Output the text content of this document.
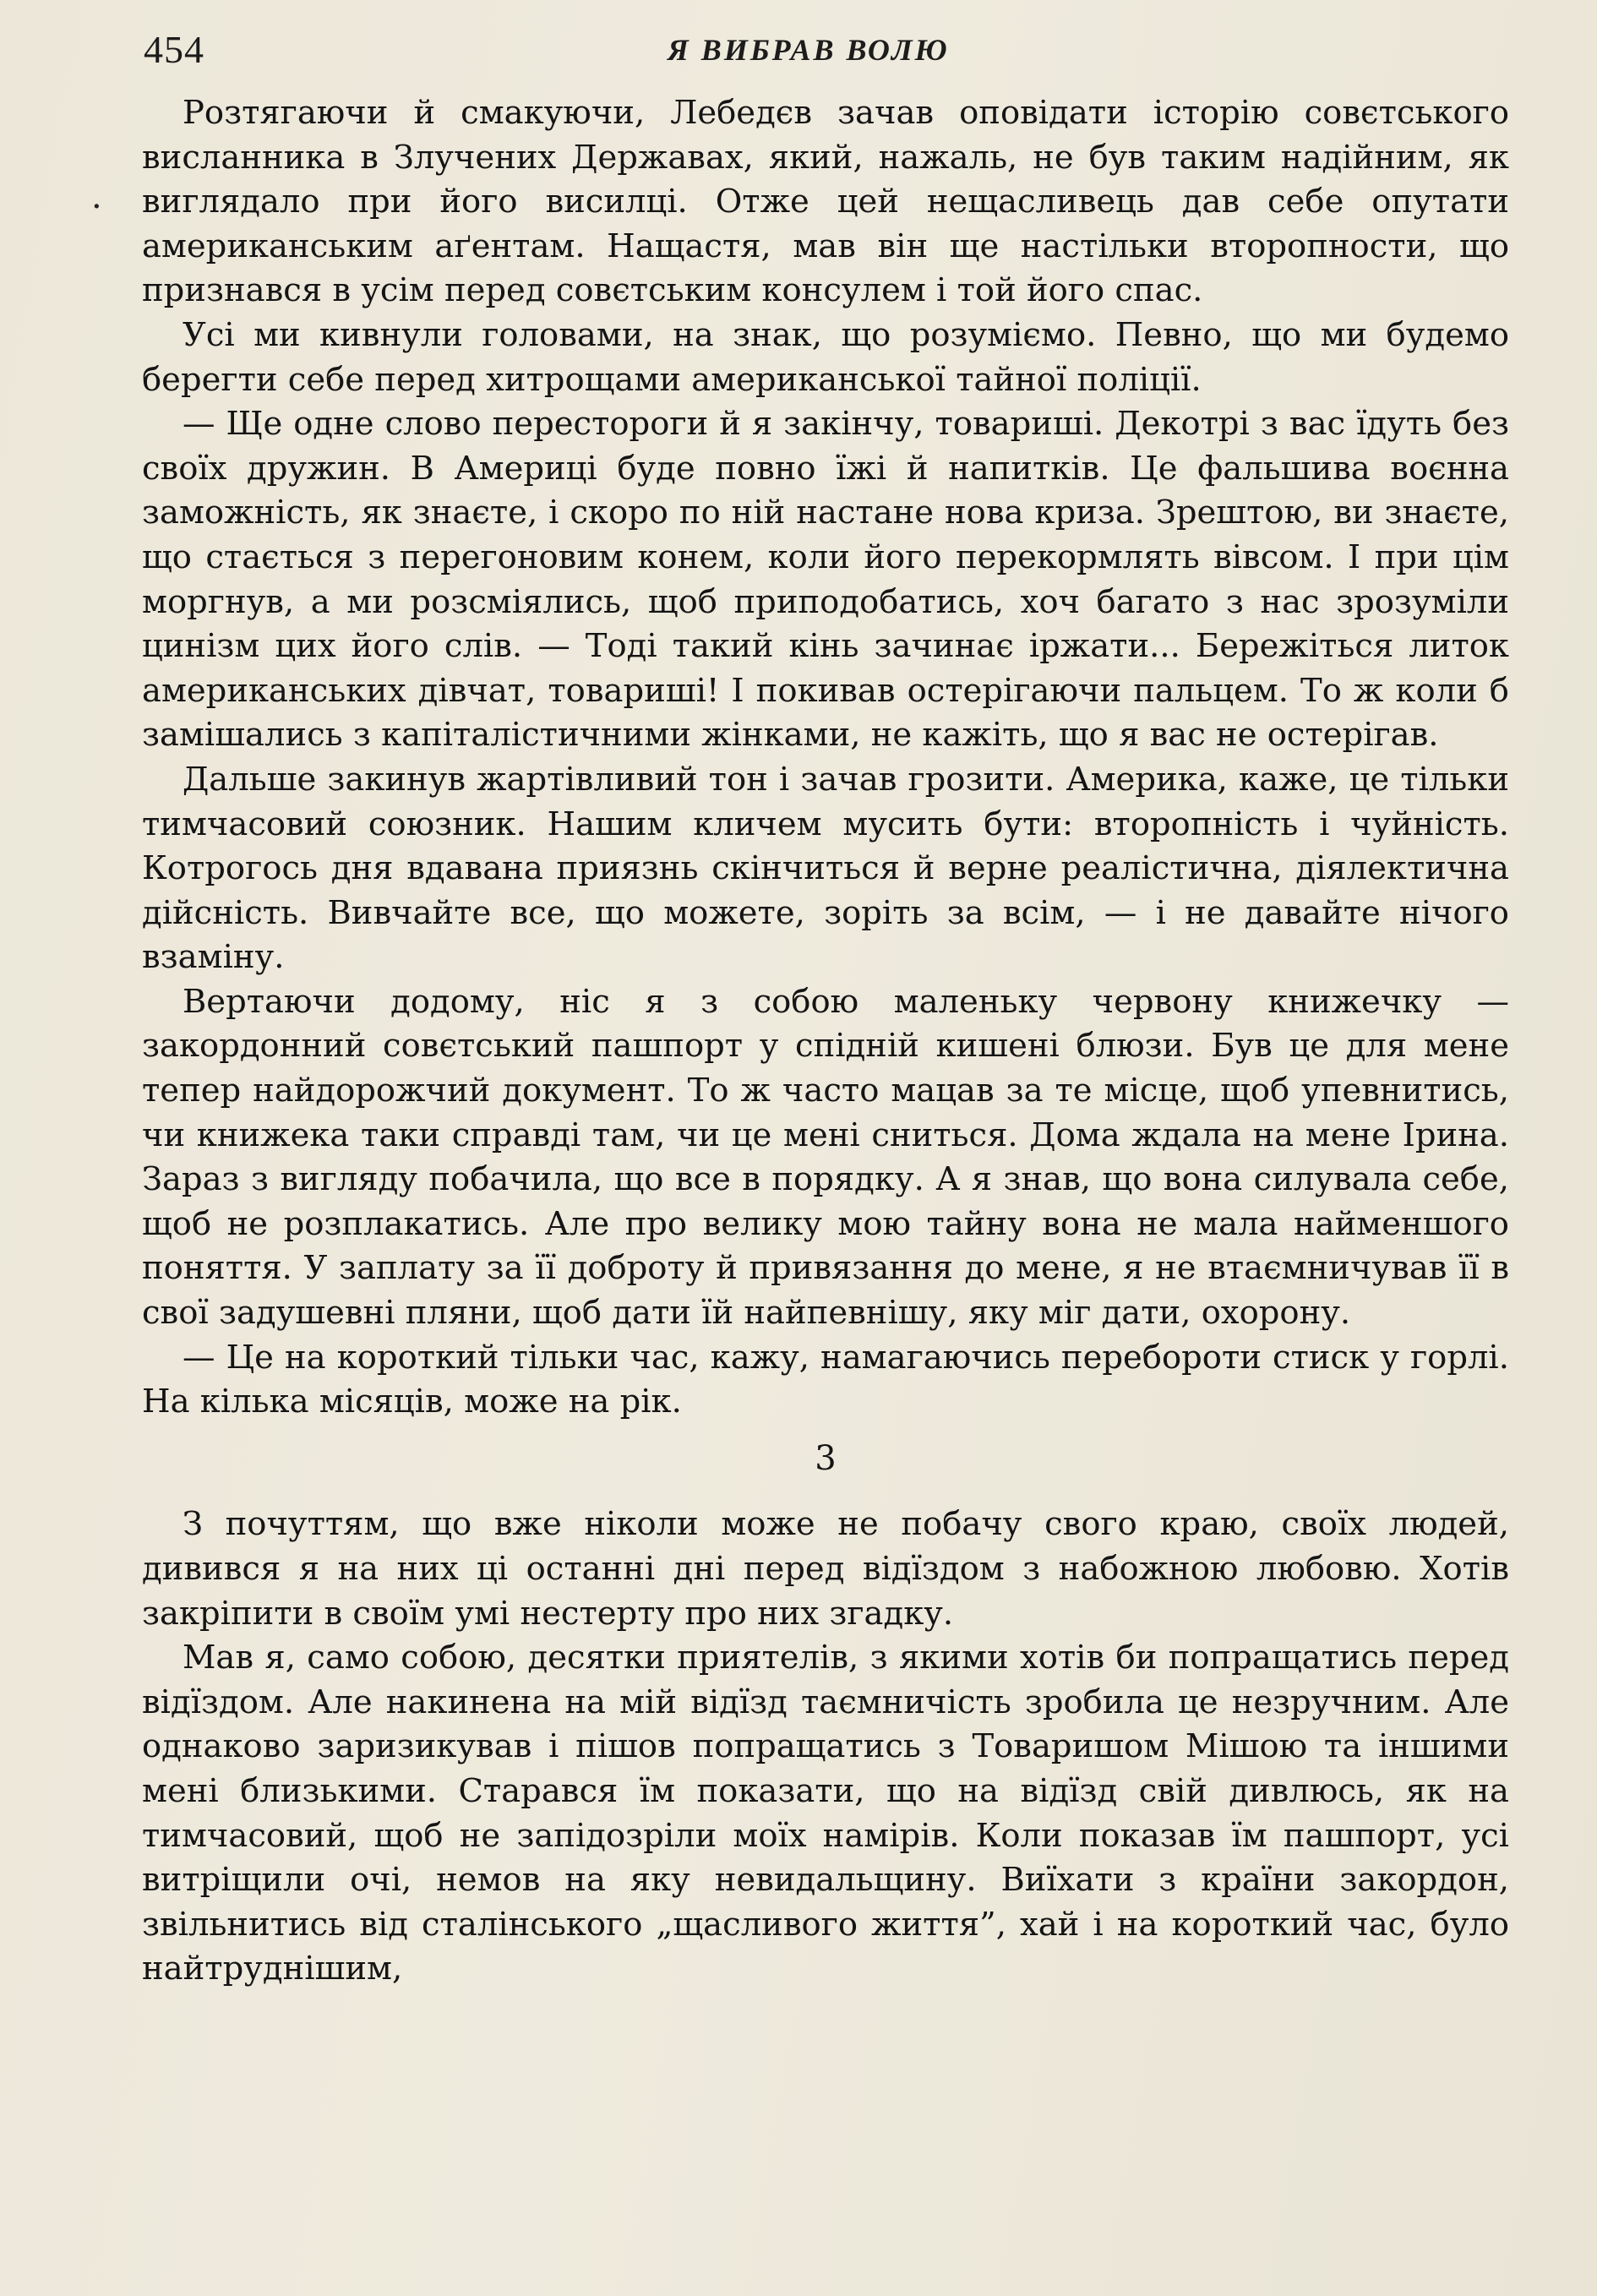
454	Я ВИБРАВ ВОЛЮ
·

Розтягаючи й смакуючи, Лебедєв зачав оповідати історію совєтського висланника в Злучених Державах, який, нажаль, не був таким надійним, як виглядало при його висилці. Отже цей нещасливець дав себе опутати американським аґентам. Нащастя, мав він ще настільки второпности, що признався в усім перед совєтським консулем і той його спас.

Усі ми кивнули головами, на знак, що розуміємо. Певно, що ми будемо берегти себе перед хитрощами американської тайної поліції.

— Ще одне слово перестороги й я закінчу, товариші. Декотрі з вас їдуть без своїх дружин. В Америці буде повно їжі й напитків. Це фальшива воєнна заможність, як знаєте, і скоро по ній настане нова криза. Зрештою, ви знаєте, що стається з перегоновим конем, коли його перекормлять вівсом. І при цім моргнув, а ми розсміялись, щоб приподобатись, хоч багато з нас зрозуміли цинізм цих його слів. — Тоді такий кінь зачинає іржати... Бережіться литок американських дівчат, товариші! І покивав остерігаючи пальцем. То ж коли б замішались з капіталістичними жінками, не кажіть, що я вас не остерігав.

Дальше закинув жартівливий тон і зачав грозити. Америка, каже, це тільки тимчасовий союзник. Нашим кличем мусить бути: второпність і чуйність. Котрогось дня вдавана приязнь скінчиться й верне реалістична, діялектична дійсність. Вивчайте все, що можете, зоріть за всім, — і не давайте нічого взаміну.

Вертаючи додому, ніс я з собою маленьку червону книжечку — закордонний совєтський пашпорт у спідній кишені блюзи. Був це для мене тепер найдорожчий документ. То ж часто мацав за те місце, щоб упевнитись, чи книжека таки справді там, чи це мені сниться. Дома ждала на мене Ірина. Зараз з вигляду побачила, що все в порядку. А я знав, що вона силувала себе, щоб не розплакатись. Але про велику мою тайну вона не мала найменшого поняття. У заплату за її доброту й привязання до мене, я не втаємничував її в свої задушевні пляни, щоб дати їй найпевнішу, яку міг дати, охорону.

— Це на короткий тільки час, кажу, намагаючись перебороти стиск у горлі. На кілька місяців, може на рік.

3

З почуттям, що вже ніколи може не побачу свого краю, своїх людей, дивився я на них ці останні дні перед відїздом з набожною любовю. Хотів закріпити в своїм умі нестерту про них згадку.

Мав я, само собою, десятки приятелів, з якими хотів би попращатись перед відїздом. Але накинена на мій відїзд таємничість зробила це незручним. Але однаково заризикував і пішов попращатись з Товаришом Мішою та іншими мені близькими. Старався їм показати, що на відїзд свій дивлюсь, як на тимчасовий, щоб не запідозріли моїх намірів. Коли показав їм пашпорт, усі витріщили очі, немов на яку невидальщину. Виїхати з країни закордон, звільнитись від сталінського „щасливого життя”, хай і на короткий час, було найтруднішим,
